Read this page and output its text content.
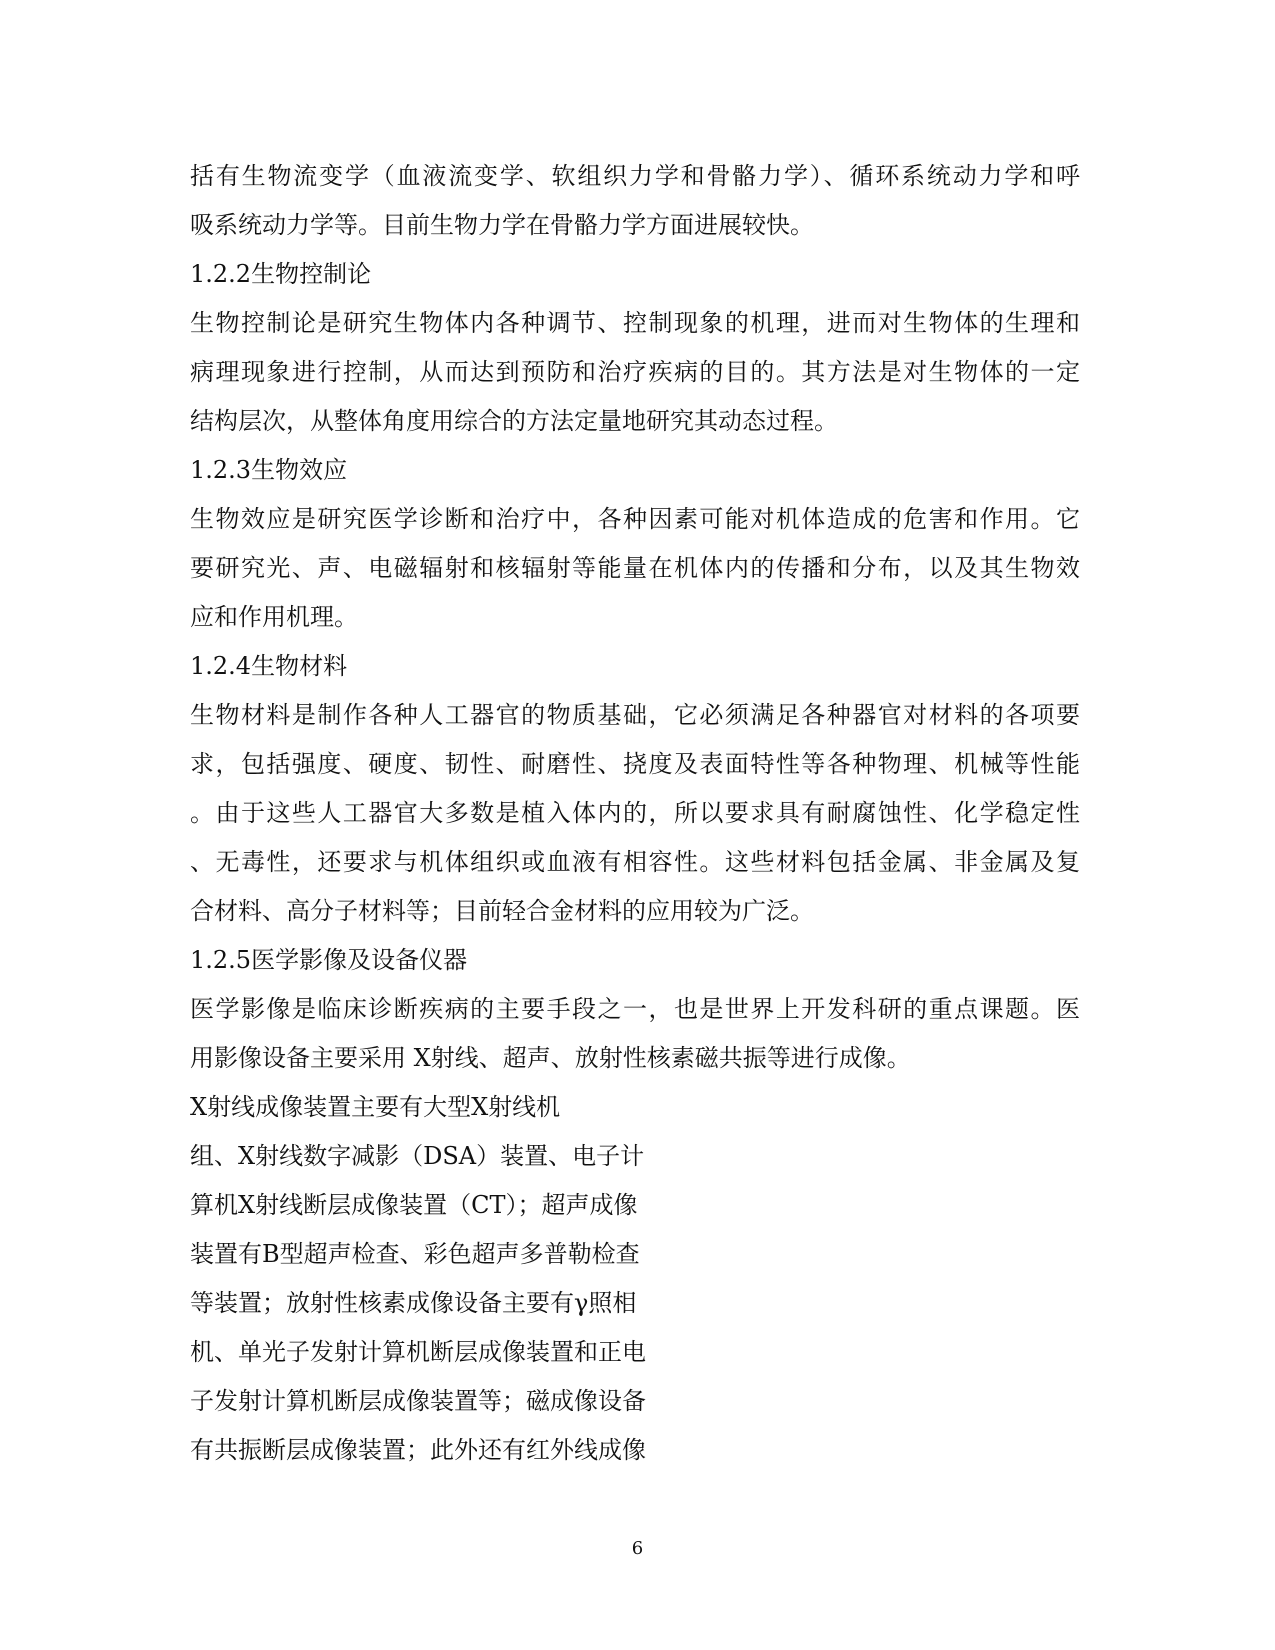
括有生物流变学（血液流变学、软组织力学和骨骼力学）、循环系统动力学和呼
吸系统动力学等。目前生物力学在骨骼力学方面进展较快。
1.2.2生物控制论
生物控制论是研究生物体内各种调节、控制现象的机理，进而对生物体的生理和
病理现象进行控制，从而达到预防和治疗疾病的目的。其方法是对生物体的一定
结构层次，从整体角度用综合的方法定量地研究其动态过程。
1.2.3生物效应
生物效应是研究医学诊断和治疗中，各种因素可能对机体造成的危害和作用。它
要研究光、声、电磁辐射和核辐射等能量在机体内的传播和分布，以及其生物效
应和作用机理。
1.2.4生物材料
生物材料是制作各种人工器官的物质基础，它必须满足各种器官对材料的各项要
求，包括强度、硬度、韧性、耐磨性、挠度及表面特性等各种物理、机械等性能
。由于这些人工器官大多数是植入体内的，所以要求具有耐腐蚀性、化学稳定性
、无毒性，还要求与机体组织或血液有相容性。这些材料包括金属、非金属及复
合材料、高分子材料等；目前轻合金材料的应用较为广泛。
1.2.5医学影像及设备仪器
医学影像是临床诊断疾病的主要手段之一，也是世界上开发科研的重点课题。医
用影像设备主要采用 X射线、超声、放射性核素磁共振等进行成像。
X射线成像装置主要有大型X射线机
组、X射线数字减影（DSA）装置、电子计
算机X射线断层成像装置（CT）；超声成像
装置有B型超声检查、彩色超声多普勒检查
等装置；放射性核素成像设备主要有γ照相
机、单光子发射计算机断层成像装置和正电
子发射计算机断层成像装置等；磁成像设备
有共振断层成像装置；此外还有红外线成像
6
